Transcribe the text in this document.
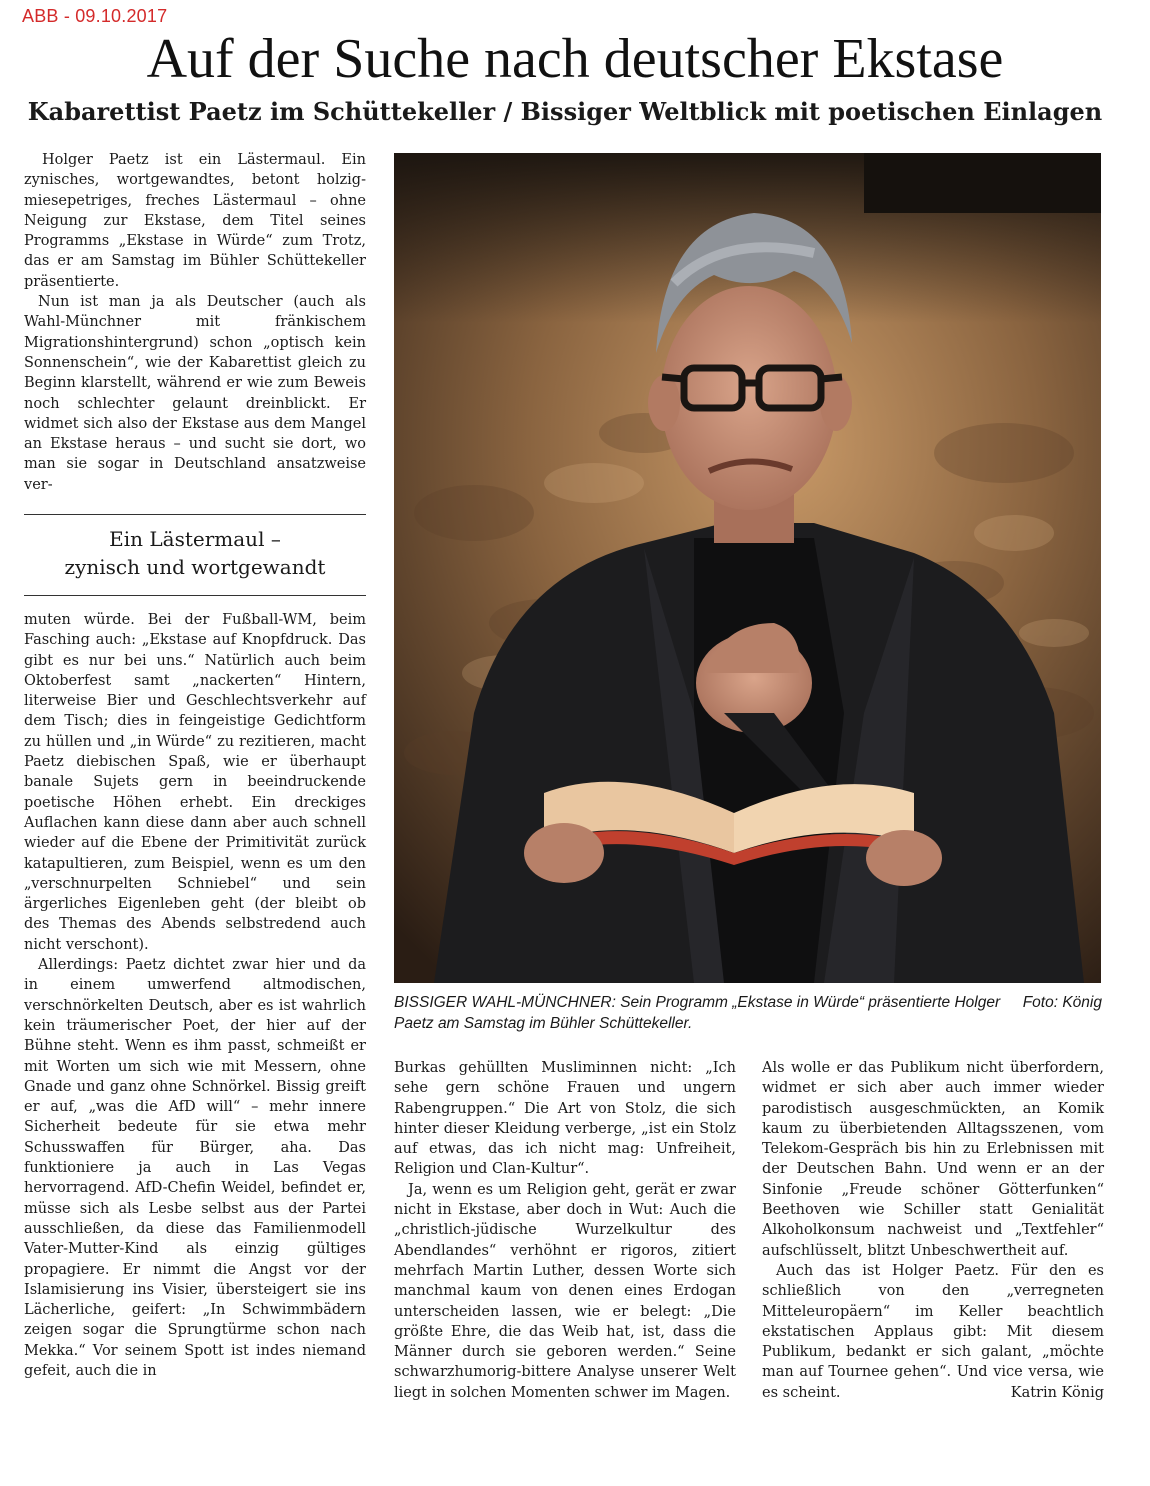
ABB - 09.10.2017
Auf der Suche nach deutscher Ekstase
Kabarettist Paetz im Schüttekeller / Bissiger Weltblick mit poetischen Einlagen

Holger Paetz ist ein Lästermaul. Ein zynisches, wortgewandtes, betont holzig-miesepetriges, freches Lästermaul – ohne Neigung zur Ekstase, dem Titel seines Programms „Ekstase in Würde“ zum Trotz, das er am Samstag im Bühler Schüttekeller präsentierte.

Nun ist man ja als Deutscher (auch als Wahl-Münchner mit fränkischem Migrationshintergrund) schon „optisch kein Sonnenschein“, wie der Kabarettist gleich zu Beginn klarstellt, während er wie zum Beweis noch schlechter gelaunt dreinblickt. Er widmet sich also der Ekstase aus dem Mangel an Ekstase heraus – und sucht sie dort, wo man sie sogar in Deutschland ansatzweise ver-

Ein Lästermaul –
zynisch und wortgewandt

muten würde. Bei der Fußball-WM, beim Fasching auch: „Ekstase auf Knopfdruck. Das gibt es nur bei uns.“ Natürlich auch beim Oktoberfest samt „nackerten“ Hintern, literweise Bier und Geschlechtsverkehr auf dem Tisch; dies in feingeistige Gedichtform zu hüllen und „in Würde“ zu rezitieren, macht Paetz diebischen Spaß, wie er überhaupt banale Sujets gern in beeindruckende poetische Höhen erhebt. Ein dreckiges Auflachen kann diese dann aber auch schnell wieder auf die Ebene der Primitivität zurück katapultieren, zum Beispiel, wenn es um den „verschnurpelten Schniebel“ und sein ärgerliches Eigenleben geht (der bleibt ob des Themas des Abends selbstredend auch nicht verschont).

Allerdings: Paetz dichtet zwar hier und da in einem umwerfend altmodischen, verschnörkelten Deutsch, aber es ist wahrlich kein träumerischer Poet, der hier auf der Bühne steht. Wenn es ihm passt, schmeißt er mit Worten um sich wie mit Messern, ohne Gnade und ganz ohne Schnörkel. Bissig greift er auf, „was die AfD will“ – mehr innere Sicherheit bedeute für sie etwa mehr Schusswaffen für Bürger, aha. Das funktioniere ja auch in Las Vegas hervorragend. AfD-Chefin Weidel, befindet er, müsse sich als Lesbe selbst aus der Partei ausschließen, da diese das Familienmodell Vater-Mutter-Kind als einzig gültiges propagiere. Er nimmt die Angst vor der Islamisierung ins Visier, übersteigert sie ins Lächerliche, geifert: „In Schwimmbädern zeigen sogar die Sprungtürme schon nach Mekka.“ Vor seinem Spott ist indes niemand gefeit, auch die in

Foto: König
BISSIGER WAHL-MÜNCHNER: Sein Programm „Ekstase in Würde“ präsentierte Holger Paetz am Samstag im Bühler Schüttekeller.

Burkas gehüllten Musliminnen nicht: „Ich sehe gern schöne Frauen und ungern Rabengruppen.“ Die Art von Stolz, die sich hinter dieser Kleidung verberge, „ist ein Stolz auf etwas, das ich nicht mag: Unfreiheit, Religion und Clan-Kultur“.

Ja, wenn es um Religion geht, gerät er zwar nicht in Ekstase, aber doch in Wut: Auch die „christlich-jüdische Wurzelkultur des Abendlandes“ verhöhnt er rigoros, zitiert mehrfach Martin Luther, dessen Worte sich manchmal kaum von denen eines Erdogan unterscheiden lassen, wie er belegt: „Die größte Ehre, die das Weib hat, ist, dass die Männer durch sie geboren werden.“ Seine schwarzhumorig-bittere Analyse unserer Welt liegt in solchen Momenten schwer im Magen.

Als wolle er das Publikum nicht überfordern, widmet er sich aber auch immer wieder parodistisch ausgeschmückten, an Komik kaum zu überbietenden Alltagsszenen, vom Telekom-Gespräch bis hin zu Erlebnissen mit der Deutschen Bahn. Und wenn er an der Sinfonie „Freude schöner Götterfunken“ Beethoven wie Schiller statt Genialität Alkoholkonsum nachweist und „Textfehler“ aufschlüsselt, blitzt Unbeschwertheit auf.

Auch das ist Holger Paetz. Für den es schließlich von den „verregneten Mitteleuropäern“ im Keller beachtlich ekstatischen Applaus gibt: Mit diesem Publikum, bedankt er sich galant, „möchte man auf Tournee gehen“. Und vice versa, wie es scheint.	Katrin König
